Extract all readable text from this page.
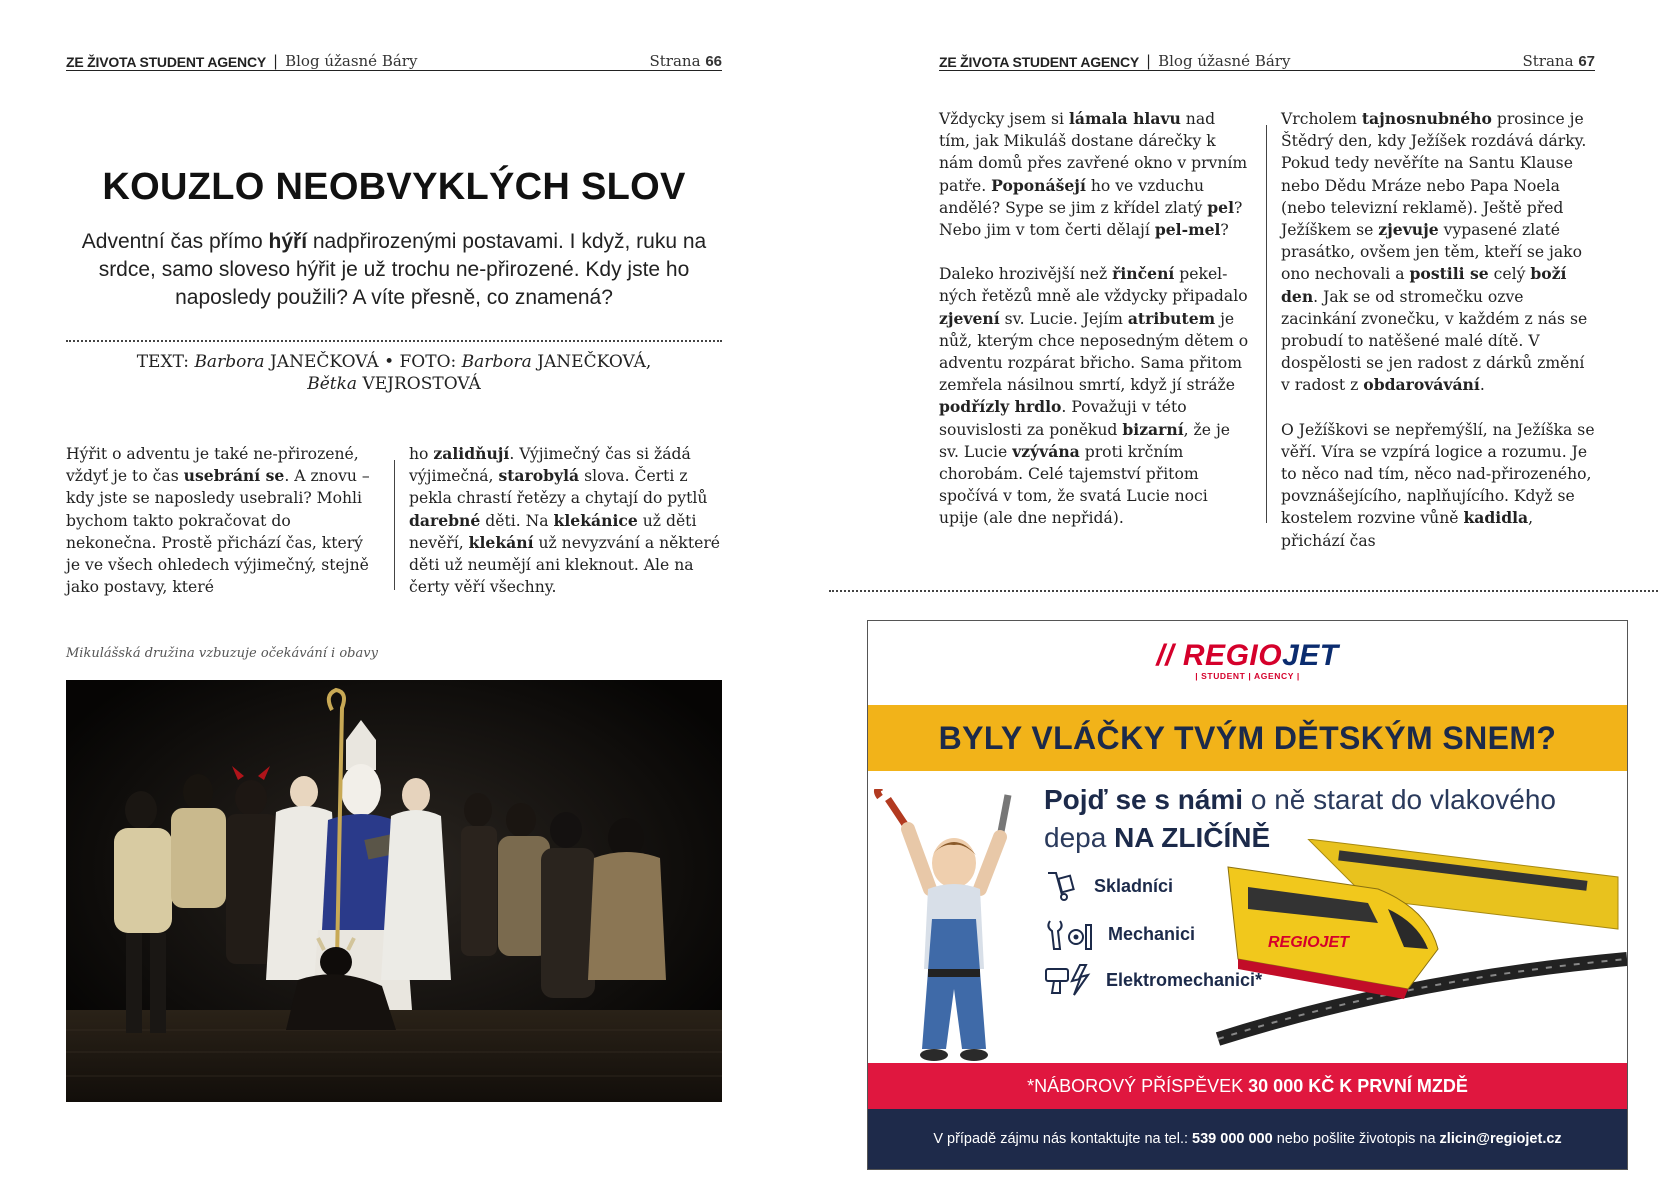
ZE ŽIVOTA STUDENT AGENCY | Blog úžasné Báry	Strana 66
KOUZLO NEOBVYKLÝCH SLOV
Adventní čas přímo hýří nadpřirozenými postavami. I když, ruku na srdce, samo sloveso hýřit je už trochu ne-přirozené. Kdy jste ho naposledy použili? A víte přesně, co znamená?
TEXT: Barbora JANEČKOVÁ • FOTO: Barbora JANEČKOVÁ,
Bětka VEJROSTOVÁ
Hýřit o adventu je také ne-přirozené, vždyť je to čas usebrání se. A znovu – kdy jste se naposledy usebrali? Mohli bychom takto pokračovat do nekonečna. Prostě přichází čas, který je ve všech ohledech výjimečný, stejně jako postavy, které
ho zalidňují. Výjimečný čas si žádá výjimečná, starobylá slova. Čerti z pekla chrastí řetězy a chytají do pytlů darebné děti. Na klekánice už děti nevěří, klekání už nevyzvání a některé děti už neumějí ani kleknout. Ale na čerty věří všechny.
Mikulášská družina vzbuzuje očekávání i obavy
ZE ŽIVOTA STUDENT AGENCY | Blog úžasné Báry	Strana 67

Vždycky jsem si lámala hlavu nad tím, jak Mikuláš dostane dárečky k nám domů přes zavřené okno v prvním patře. Poponášejí ho ve vzduchu andělé? Sype se jim z křídel zlatý pel? Nebo jim v tom čerti dělají pel-mel?

Daleko hrozivější než řinčení pekelných řetězů mně ale vždycky připadalo zjevení sv. Lucie. Jejím atributem je nůž, kterým chce neposedným dětem o adventu rozpárat břicho. Sama přitom zemřela násilnou smrtí, když jí stráže podřízly hrdlo. Považuji v této souvislosti za poněkud bizarní, že je sv. Lucie vzývána proti krčním chorobám. Celé tajemství přitom spočívá v tom, že svatá Lucie noci upije (ale dne nepřidá).

Vrcholem tajnosnubného prosince je Štědrý den, kdy Ježíšek rozdává dárky. Pokud tedy nevěříte na Santu Klause nebo Dědu Mráze nebo Papa Noela (nebo televizní reklamě). Ještě před Ježíškem se zjevuje vypasené zlaté prasátko, ovšem jen těm, kteří se jako ono nechovali a postili se celý boží den. Jak se od stromečku ozve zacinkání zvonečku, v každém z nás se probudí to natěšené malé dítě. V dospělosti se jen radost z dárků změní v radost z obdarovávání.

O Ježíškovi se nepřemýšlí, na Ježíška se věří. Víra se vzpírá logice a rozumu. Je to něco nad tím, něco nad-přirozeného, povznášejícího, naplňujícího. Když se kostelem rozvine vůně kadidla, přichází čas

// REGIOJET
| STUDENT | AGENCY |
BYLY VLÁČKY TVÝM DĚTSKÝM SNEM?
Pojď se s námi o ně starat do vlakového
depa NA ZLIČÍNĚ
Skladníci
Mechanici
Elektromechanici*
REGIOJET
*NÁBOROVÝ PŘÍSPĚVEK 30 000 KČ K PRVNÍ MZDĚ
V případě zájmu nás kontaktujte na tel.: 539 000 000 nebo pošlite životopis na zlicin@regiojet.cz
